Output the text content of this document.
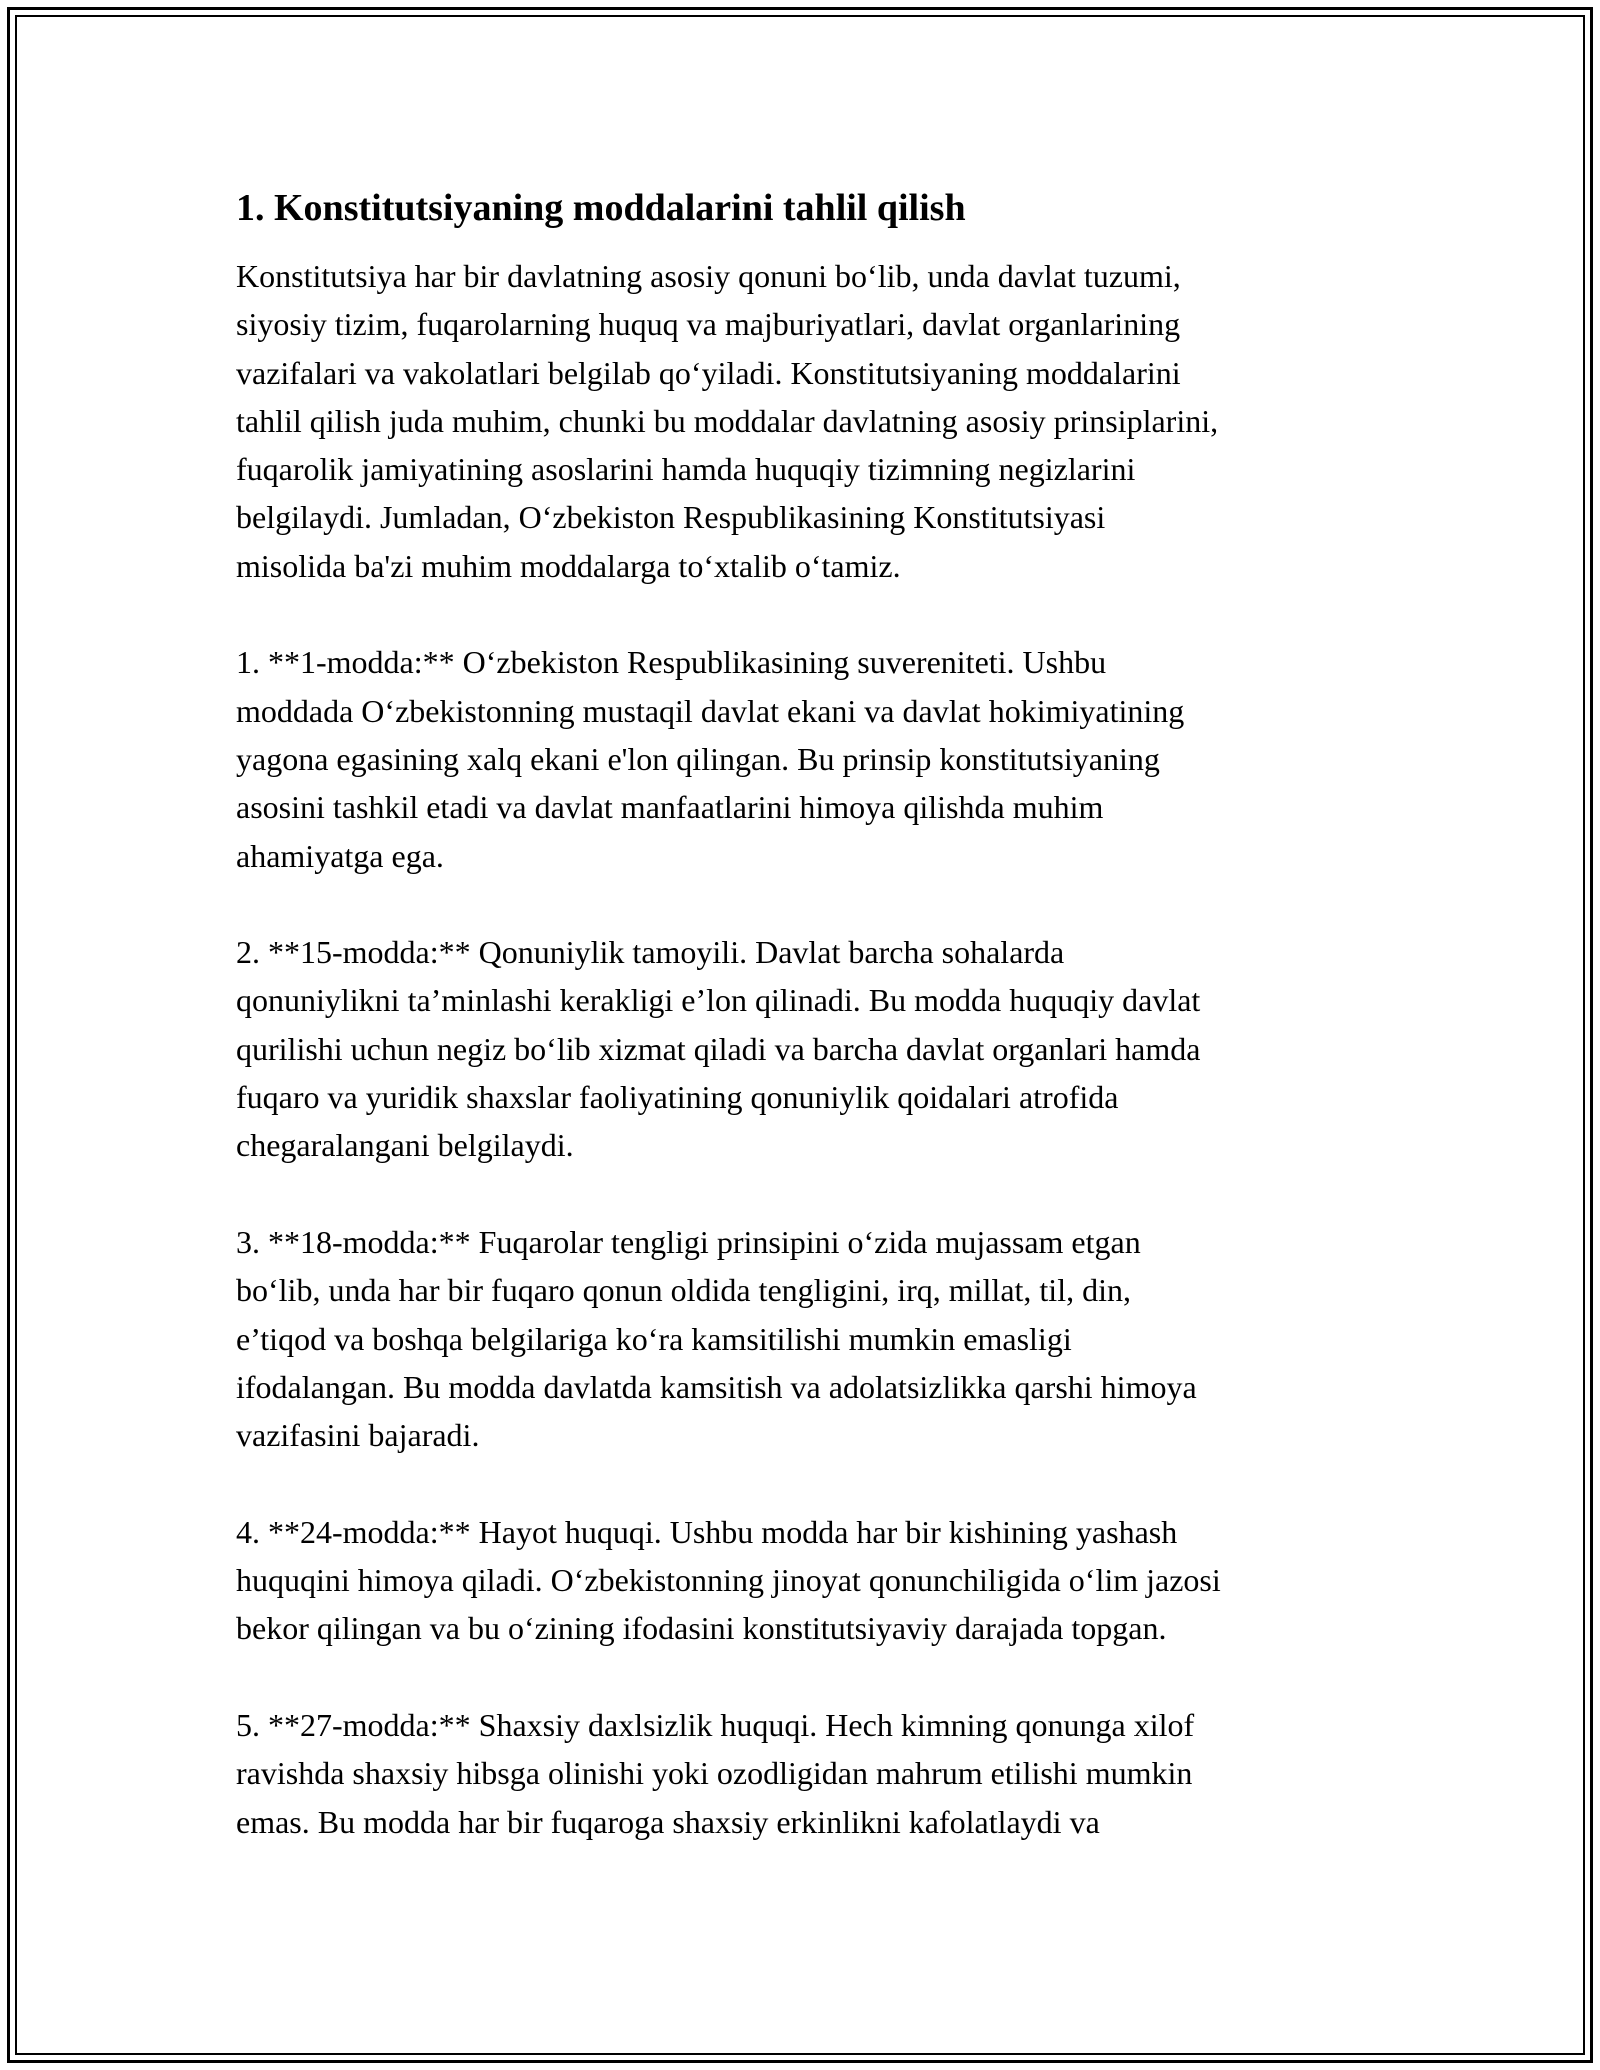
1. Konstitutsiyaning moddalarini tahlil qilish

Konstitutsiya har bir davlatning asosiy qonuni bo‘lib, unda davlat tuzumi,
siyosiy tizim, fuqarolarning huquq va majburiyatlari, davlat organlarining
vazifalari va vakolatlari belgilab qo‘yiladi. Konstitutsiyaning moddalarini
tahlil qilish juda muhim, chunki bu moddalar davlatning asosiy prinsiplarini,
fuqarolik jamiyatining asoslarini hamda huquqiy tizimning negizlarini
belgilaydi. Jumladan, O‘zbekiston Respublikasining Konstitutsiyasi
misolida ba'zi muhim moddalarga to‘xtalib o‘tamiz.

1. **1-modda:** O‘zbekiston Respublikasining suvereniteti. Ushbu
moddada O‘zbekistonning mustaqil davlat ekani va davlat hokimiyatining
yagona egasining xalq ekani e'lon qilingan. Bu prinsip konstitutsiyaning
asosini tashkil etadi va davlat manfaatlarini himoya qilishda muhim
ahamiyatga ega.

2. **15-modda:** Qonuniylik tamoyili. Davlat barcha sohalarda
qonuniylikni ta’minlashi kerakligi e’lon qilinadi. Bu modda huquqiy davlat
qurilishi uchun negiz bo‘lib xizmat qiladi va barcha davlat organlari hamda
fuqaro va yuridik shaxslar faoliyatining qonuniylik qoidalari atrofida
chegaralangani belgilaydi.

3. **18-modda:** Fuqarolar tengligi prinsipini o‘zida mujassam etgan
bo‘lib, unda har bir fuqaro qonun oldida tengligini, irq, millat, til, din,
e’tiqod va boshqa belgilariga ko‘ra kamsitilishi mumkin emasligi
ifodalangan. Bu modda davlatda kamsitish va adolatsizlikka qarshi himoya
vazifasini bajaradi.

4. **24-modda:** Hayot huquqi. Ushbu modda har bir kishining yashash
huquqini himoya qiladi. O‘zbekistonning jinoyat qonunchiligida o‘lim jazosi
bekor qilingan va bu o‘zining ifodasini konstitutsiyaviy darajada topgan.

5. **27-modda:** Shaxsiy daxlsizlik huquqi. Hech kimning qonunga xilof
ravishda shaxsiy hibsga olinishi yoki ozodligidan mahrum etilishi mumkin
emas. Bu modda har bir fuqaroga shaxsiy erkinlikni kafolatlaydi va
